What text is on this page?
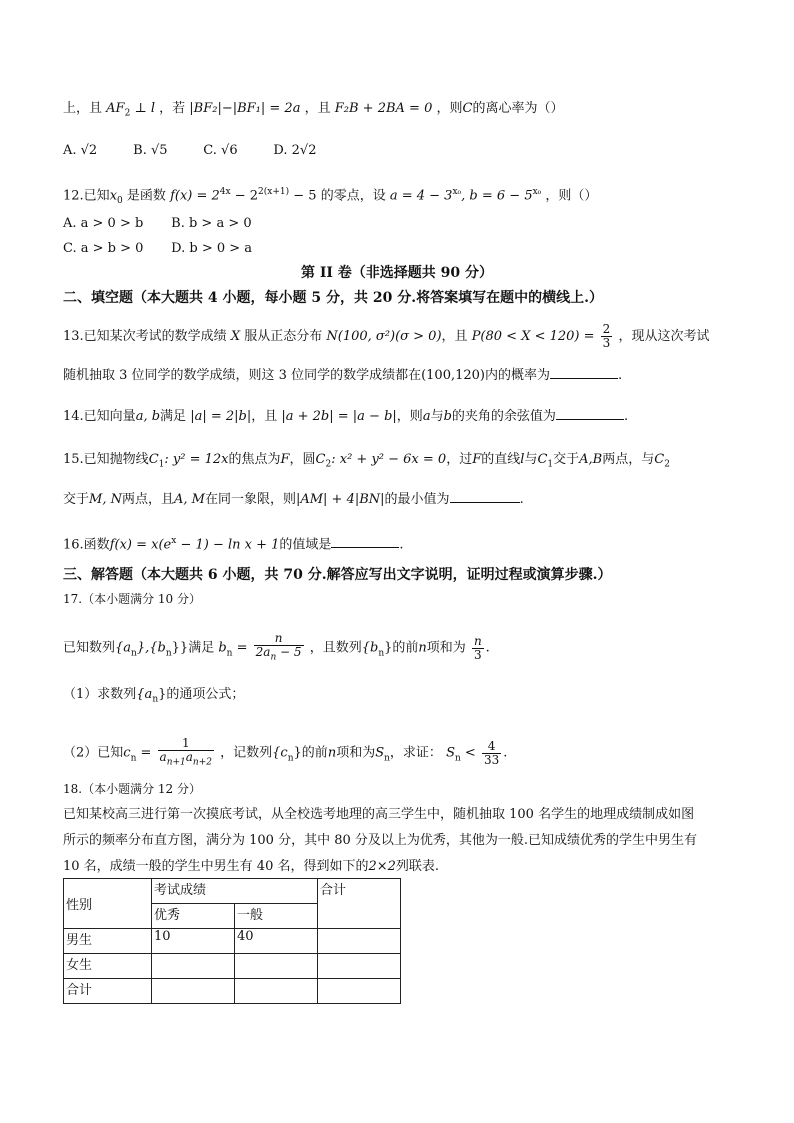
上，且 $AF_2$ ⊥ l ，若 |BF₂|−|BF₁| = 2a ，且 F₂B + 2BA = 0 ，则C的离心率为（）
A. √2	B. √5	C. √6	D. 2√2
12.已知$x_0$ 是函数 $f(x) = 2^{4x} - 2^{2(x+1)} - 5$ 的零点，设 $a = 4 - 3^{x_0}$, $b = 6 - 5^{x_0}$ ，则（）
A. a > 0 > b B. b > a > 0
C. a > b > 0 D. b > 0 > a
第 II 卷（非选择题共 90 分）
二、填空题（本大题共 4 小题，每小题 5 分，共 20 分.将答案填写在题中的横线上.）
13.已知某次考试的数学成绩 X 服从正态分布 N(100, σ²)(σ > 0)，且 $P(80 < X < 120) = \frac{2}{3}$ ，现从这次考试
随机抽取 3 位同学的数学成绩，则这 3 位同学的数学成绩都在(100,120)内的概率为	.
14.已知向量a, b满足 |a| = 2|b|，且 |a + 2b| = |a − b|，则a与b的夹角的余弦值为	.
15.已知抛物线$C_1$: y² = 12x的焦点为F，圆$C_2$: x² + y² − 6x = 0，过F的直线l与$C_1$交于A,B两点，与$C_2$
交于M, N两点，且A, M在同一象限，则|AM| + 4|BN|的最小值为	.
16.函数$f(x) = x(e^x - 1) - \ln x + 1$的值域是	.
三、解答题（本大题共 6 小题，共 70 分.解答应写出文字说明，证明过程或演算步骤.）
17.（本小题满分 10 分）
已知数列$\{a_n\},\{b_n\}$}满足 $b_n = \frac{n}{2a_n - 5}$ ，且数列$\{b_n\}$的前n项和为 $\frac{n}{3}$ .
（1）求数列$\{a_n\}$的通项公式；
（2）已知$c_n = \frac{1}{a_{n+1}a_{n+2}}$ ，记数列$\{c_n\}$的前n项和为$S_n$，求证： $S_n < \frac{4}{33}$ .
18.（本小题满分 12 分）
已知某校高三进行第一次摸底考试，从全校选考地理的高三学生中，随机抽取 100 名学生的地理成绩制成如图
所示的频率分布直方图，满分为 100 分，其中 80 分及以上为优秀，其他为一般.已知成绩优秀的学生中男生有
10 名，成绩一般的学生中男生有 40 名，得到如下的2×2列联表.
性别	考试成绩		合计
	优秀	一般	
男生	10	40	
女生			
合计			
